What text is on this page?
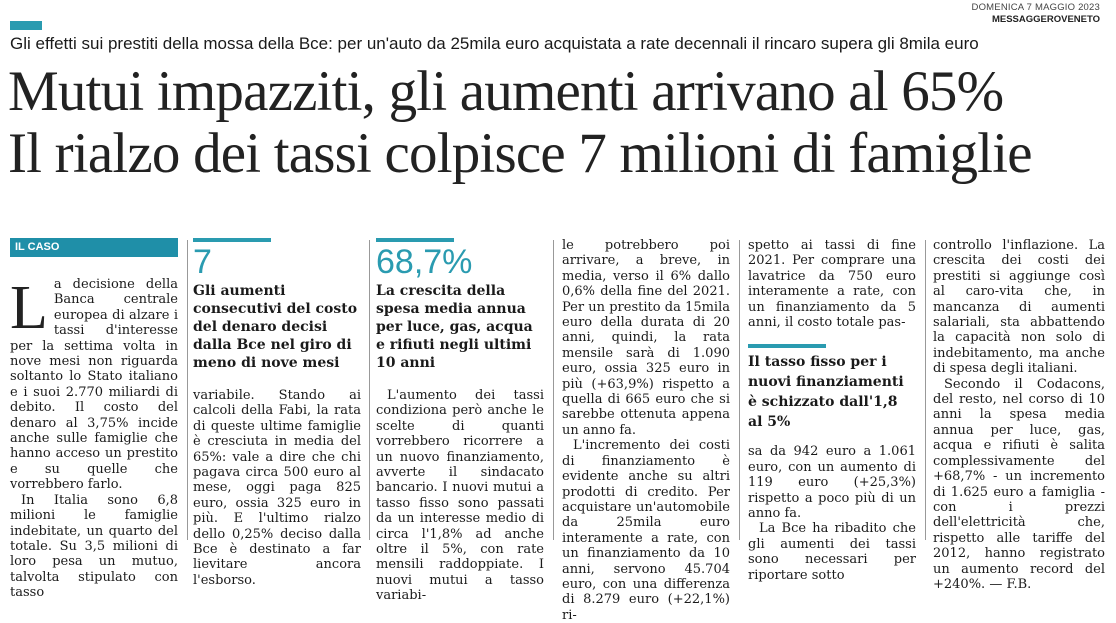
DOMENICA 7 MAGGIO 2023
MESSAGGEROVENETO
Gli effetti sui prestiti della mossa della Bce: per un'auto da 25mila euro acquistata a rate decennali il rincaro supera gli 8mila euro
Mutui impazziti, gli aumenti arrivano al 65%
Il rialzo dei tassi colpisce 7 milioni di famiglie
IL CASO

La decisione della Banca centrale europea di alzare i tassi d'interesse per la settima volta in nove mesi non riguarda soltanto lo Stato italiano e i suoi 2.770 miliardi di debito. Il costo del denaro al 3,75% incide anche sulle famiglie che hanno acceso un prestito e su quelle che vorrebbero farlo.

In Italia sono 6,8 milioni le famiglie indebitate, un quarto del totale. Su 3,5 milioni di loro pesa un mutuo, talvolta stipulato con tasso

7
Gli aumenti consecutivi del costo del denaro decisi dalla Bce nel giro di meno di nove mesi

variabile. Stando ai calcoli della Fabi, la rata di queste ultime famiglie è cresciuta in media del 65%: vale a dire che chi pagava circa 500 euro al mese, oggi paga 825 euro, ossia 325 euro in più. E l'ultimo rialzo dello 0,25% deciso dalla Bce è destinato a far lievitare ancora l'esborso.

68,7%
La crescita della spesa media annua per luce, gas, acqua e rifiuti negli ultimi 10 anni

L'aumento dei tassi condiziona però anche le scelte di quanti vorrebbero ricorrere a un nuovo finanziamento, avverte il sindacato bancario. I nuovi mutui a tasso fisso sono passati da un interesse medio di circa l'1,8% ad anche oltre il 5%, con rate mensili raddoppiate. I nuovi mutui a tasso variabi-

le potrebbero poi arrivare, a breve, in media, verso il 6% dallo 0,6% della fine del 2021. Per un prestito da 15mila euro della durata di 20 anni, quindi, la rata mensile sarà di 1.090 euro, ossia 325 euro in più (+63,9%) rispetto a quella di 665 euro che si sarebbe ottenuta appena un anno fa.

L'incremento dei costi di finanziamento è evidente anche su altri prodotti di credito. Per acquistare un'automobile da 25mila euro interamente a rate, con un finanziamento da 10 anni, servono 45.704 euro, con una differenza di 8.279 euro (+22,1%) ri-

spetto ai tassi di fine 2021. Per comprare una lavatrice da 750 euro interamente a rate, con un finanziamento da 5 anni, il costo totale pas-

Il tasso fisso per i nuovi finanziamenti è schizzato dall'1,8 al 5%

sa da 942 euro a 1.061 euro, con un aumento di 119 euro (+25,3%) rispetto a poco più di un anno fa.

La Bce ha ribadito che gli aumenti dei tassi sono necessari per riportare sotto

controllo l'inflazione. La crescita dei costi dei prestiti si aggiunge così al caro-vita che, in mancanza di aumenti salariali, sta abbattendo la capacità non solo di indebitamento, ma anche di spesa degli italiani.

Secondo il Codacons, del resto, nel corso di 10 anni la spesa media annua per luce, gas, acqua e rifiuti è salita complessivamente del +68,7% - un incremento di 1.625 euro a famiglia - con i prezzi dell'elettricità che, rispetto alle tariffe del 2012, hanno registrato un aumento record del +240%. — F.B.
